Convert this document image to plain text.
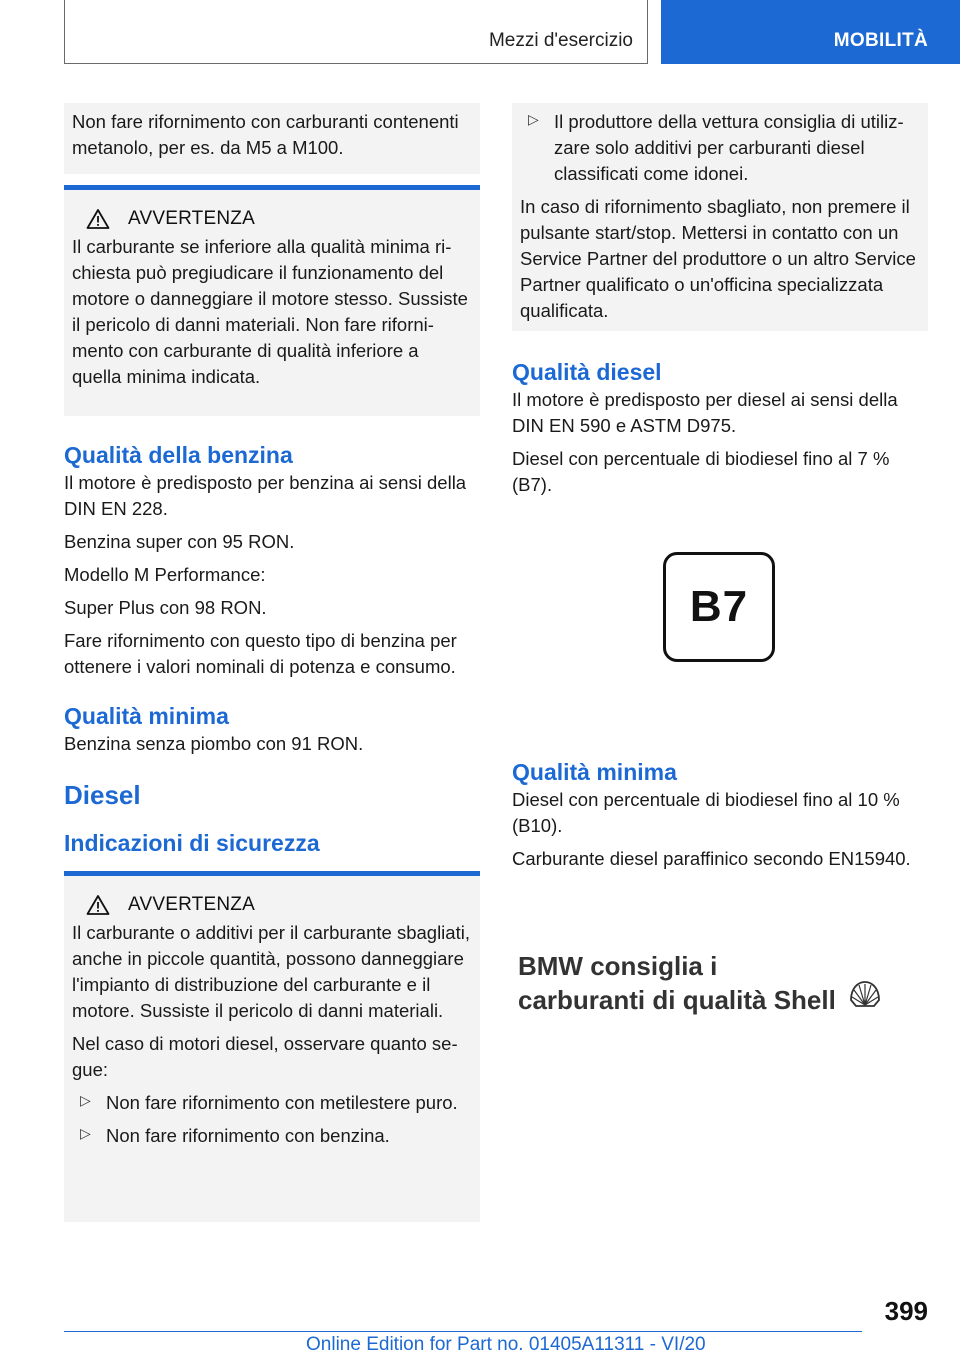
Mezzi d'esercizio	MOBILITÀ

Non fare rifornimento con carburanti contenenti metanolo, per es. da M5 a M100.

AVVERTENZA

Il carburante se inferiore alla qualità minima richiesta può pregiudicare il funzionamento del motore o danneggiare il motore stesso. Sussiste il pericolo di danni materiali. Non fare rifornimento con carburante di qualità inferiore a quella minima indicata.

Qualità della benzina

Il motore è predisposto per benzina ai sensi della DIN EN 228.

Benzina super con 95 RON.

Modello M Performance:

Super Plus con 98 RON.

Fare rifornimento con questo tipo di benzina per ottenere i valori nominali di potenza e consumo.

Qualità minima

Benzina senza piombo con 91 RON.

Diesel
Indicazioni di sicurezza
AVVERTENZA

Il carburante o additivi per il carburante sbagliati, anche in piccole quantità, possono danneggiare l'impianto di distribuzione del carburante e il motore. Sussiste il pericolo di danni materiali.

Nel caso di motori diesel, osservare quanto segue:

▷ Non fare rifornimento con metilestere puro.

▷ Non fare rifornimento con benzina.

▷ Il produttore della vettura consiglia di utilizzare solo additivi per carburanti diesel classificati come idonei.

In caso di rifornimento sbagliato, non premere il pulsante start/stop. Mettersi in contatto con un Service Partner del produttore o un altro Service Partner qualificato o un'officina specializzata qualificata.

Qualità diesel

Il motore è predisposto per diesel ai sensi della DIN EN 590 e ASTM D975.

Diesel con percentuale di biodiesel fino al 7 % (B7).

B7
Qualità minima

Diesel con percentuale di biodiesel fino al 10 % (B10).

Carburante diesel paraffinico secondo EN15940.

BMW consiglia i
carburanti di qualità Shell
399
Online Edition for Part no. 01405A11311 - VI/20
